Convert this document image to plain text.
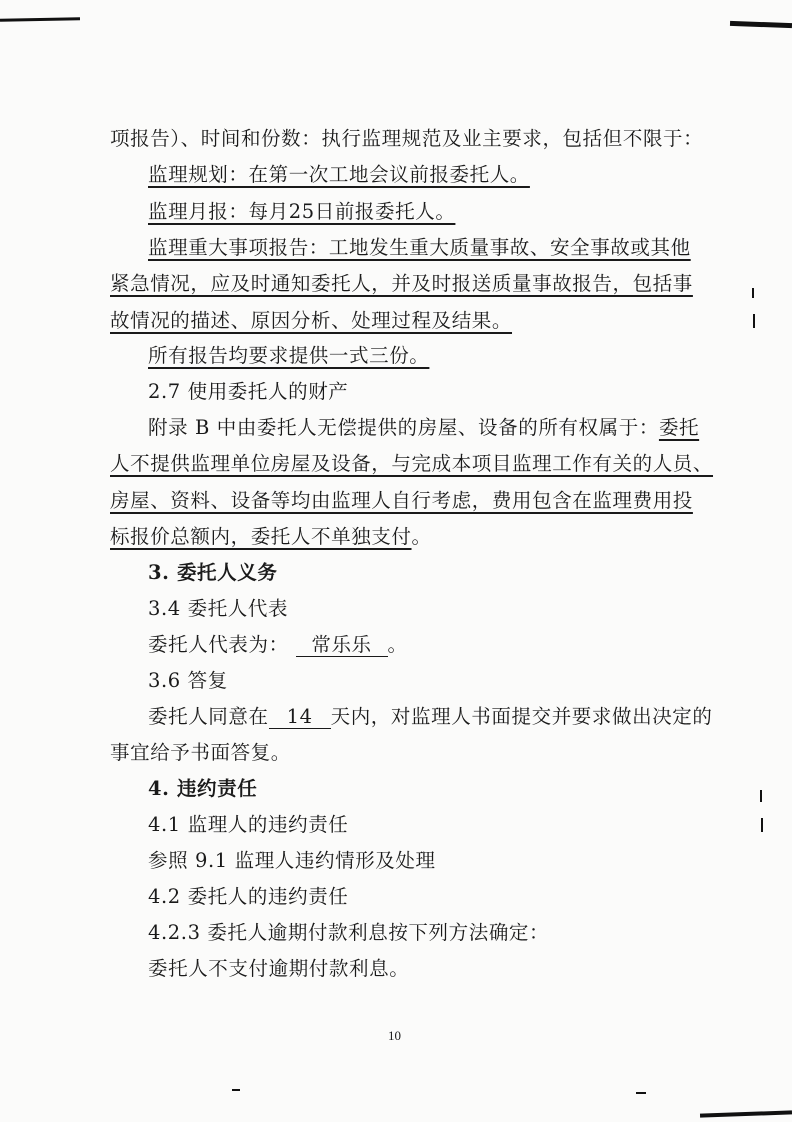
项报告）、时间和份数：执行监理规范及业主要求，包括但不限于：
监理规划：在第一次工地会议前报委托人。
监理月报：每月25日前报委托人。
监理重大事项报告：工地发生重大质量事故、安全事故或其他
紧急情况，应及时通知委托人，并及时报送质量事故报告，包括事
故情况的描述、原因分析、处理过程及结果。
所有报告均要求提供一式三份。
2.7 使用委托人的财产
附录 B 中由委托人无偿提供的房屋、设备的所有权属于：委托
人不提供监理单位房屋及设备，与完成本项目监理工作有关的人员、
房屋、资料、设备等均由监理人自行考虑，费用包含在监理费用投
标报价总额内，委托人不单独支付。
3. 委托人义务
3.4 委托人代表
委托人代表为： 常乐乐 。
3.6 答复
委托人同意在 14 天内，对监理人书面提交并要求做出决定的
事宜给予书面答复。
4. 违约责任
4.1 监理人的违约责任
参照 9.1 监理人违约情形及处理
4.2 委托人的违约责任
4.2.3 委托人逾期付款利息按下列方法确定：
委托人不支付逾期付款利息。
10
